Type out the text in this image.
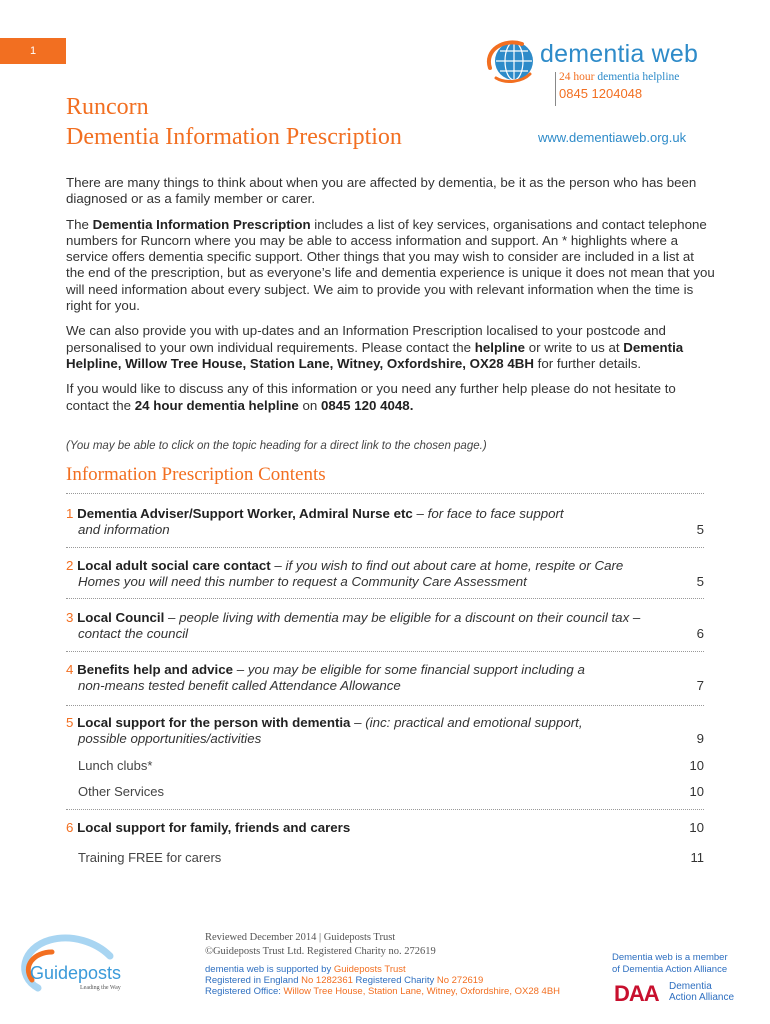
1	dementia web
24 hour dementia helpline
0845 1204048
Runcorn
Dementia Information Prescription	www.dementiaweb.org.uk

There are many things to think about when you are affected by dementia, be it as the person who has been diagnosed or as a family member or carer.

The Dementia Information Prescription includes a list of key services, organisations and contact telephone numbers for Runcorn where you may be able to access information and support. An * highlights where a service offers dementia specific support. Other things that you may wish to consider are included in a list at the end of the prescription, but as everyone’s life and dementia experience is unique it does not mean that you will need information about every subject. We aim to provide you with relevant information when the time is right for you.

We can also provide you with up-dates and an Information Prescription localised to your postcode and personalised to your own individual requirements. Please contact the helpline or write to us at Dementia Helpline, Willow Tree House, Station Lane, Witney, Oxfordshire, OX28 4BH for further details.

If you would like to discuss any of this information or you need any further help please do not hesitate to contact the 24 hour dementia helpline on 0845 120 4048.

(You may be able to click on the topic heading for a direct link to the chosen page.)
Information Prescription Contents
1 Dementia Adviser/Support Worker, Admiral Nurse etc – for face to face support
and information	5
2 Local adult social care contact – if you wish to find out about care at home, respite or Care
Homes you will need this number to request a Community Care Assessment	5
3 Local Council – people living with dementia may be eligible for a discount on their council tax –
contact the council	6
4 Benefits help and advice – you may be eligible for some financial support including a
non-means tested benefit called Attendance Allowance	7
5 Local support for the person with dementia – (inc: practical and emotional support,
possible opportunities/activities	9
Lunch clubs*	10
Other Services	10
6 Local support for family, friends and carers	10
Training FREE for carers	11
Guideposts
Leading the Way
Reviewed December 2014 | Guideposts Trust
©Guideposts Trust Ltd. Registered Charity no. 272619
dementia web is supported by Guideposts Trust
Registered in England No 1282361 Registered Charity No 272619
Registered Office: Willow Tree House, Station Lane, Witney, Oxfordshire, OX28 4BH
Dementia web is a member
of Dementia Action Alliance
DAA Dementia
Action Alliance
